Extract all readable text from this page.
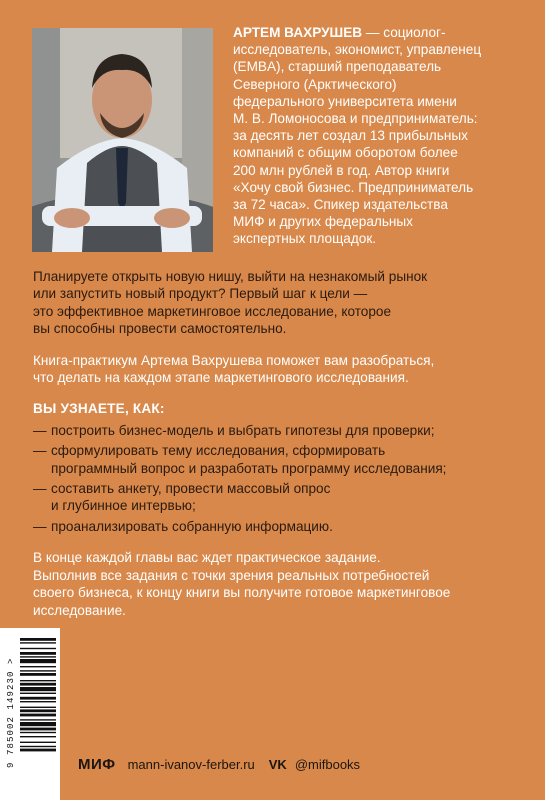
АРТЕМ ВАХРУШЕВ — социолог-
исследователь, экономист, управленец
(EMBA), старший преподаватель
Северного (Арктического)
федерального университета имени
М. В. Ломоносова и предприниматель:
за десять лет создал 13 прибыльных
компаний с общим оборотом более
200 млн рублей в год. Автор книги
«Хочу свой бизнес. Предприниматель
за 72 часа». Спикер издательства
МИФ и других федеральных
экспертных площадок.
Планируете открыть новую нишу, выйти на незнакомый рынок
или запустить новый продукт? Первый шаг к цели —
это эффективное маркетинговое исследование, которое
вы способны провести самостоятельно.
Книга-практикум Артема Вахрушева поможет вам разобраться,
что делать на каждом этапе маркетингового исследования.
ВЫ УЗНАЕТЕ, КАК:
— построить бизнес-модель и выбрать гипотезы для проверки;
— сформулировать тему исследования, сформировать
программный вопрос и разработать программу исследования;
— составить анкету, провести массовый опрос
и глубинное интервью;
— проанализировать собранную информацию.
В конце каждой главы вас ждет практическое задание.
Выполнив все задания с точки зрения реальных потребностей
своего бизнеса, к концу книги вы получите готовое маркетинговое
исследование.
9 785002 149230 >	МИФ mann-ivanov-ferber.ru VK @mifbooks
